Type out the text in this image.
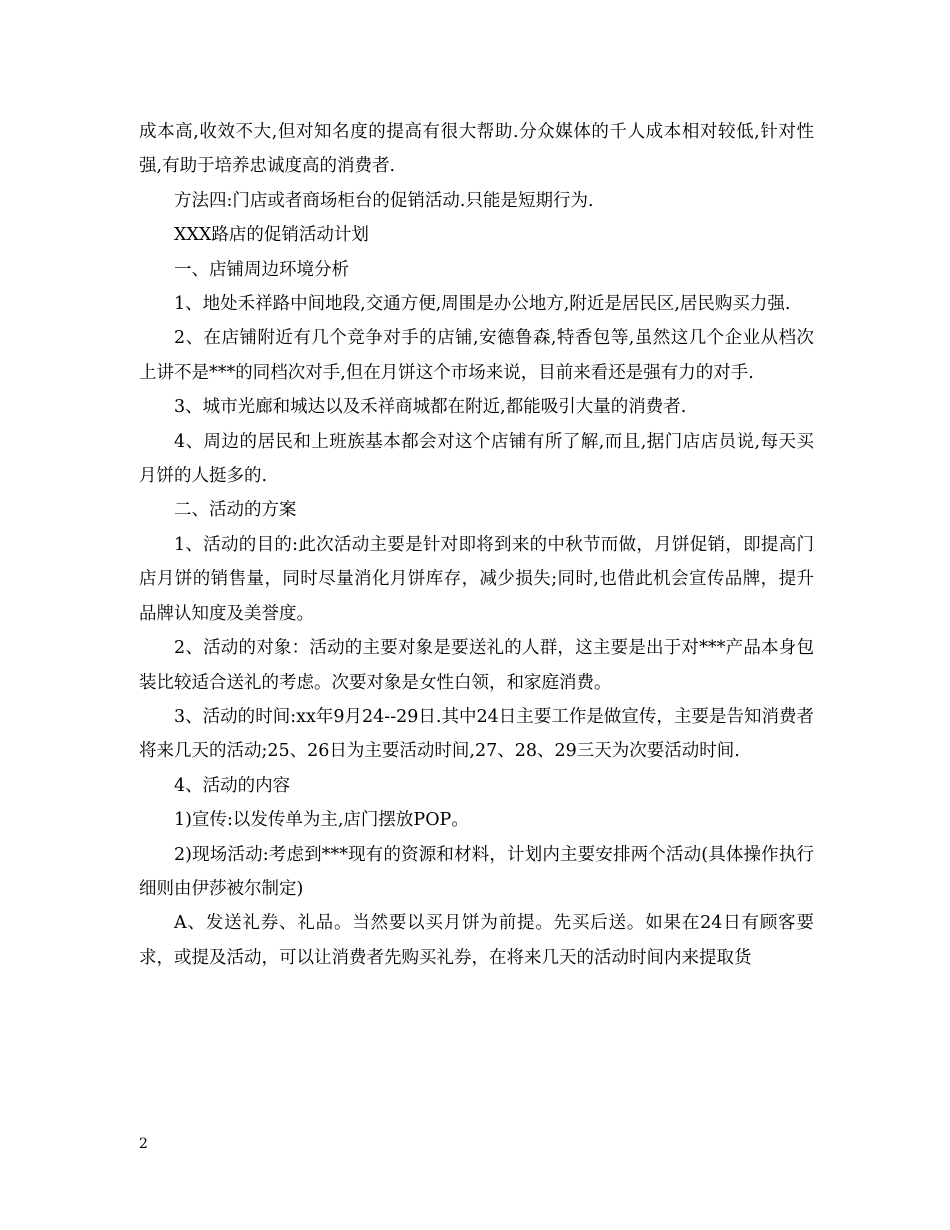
成本高,收效不大,但对知名度的提高有很大帮助.分众媒体的千人成本相对较低,针对性强,有助于培养忠诚度高的消费者.

方法四:门店或者商场柜台的促销活动.只能是短期行为.

XXX路店的促销活动计划

一、店铺周边环境分析

1、地处禾祥路中间地段,交通方便,周围是办公地方,附近是居民区,居民购买力强.

2、在店铺附近有几个竞争对手的店铺,安德鲁森,特香包等,虽然这几个企业从档次上讲不是***的同档次对手,但在月饼这个市场来说，目前来看还是强有力的对手.

3、城市光廊和城达以及禾祥商城都在附近,都能吸引大量的消费者.

4、周边的居民和上班族基本都会对这个店铺有所了解,而且,据门店店员说,每天买月饼的人挺多的.

二、活动的方案

1、活动的目的:此次活动主要是针对即将到来的中秋节而做，月饼促销，即提高门店月饼的销售量，同时尽量消化月饼库存，减少损失;同时,也借此机会宣传品牌，提升品牌认知度及美誉度。

2、活动的对象：活动的主要对象是要送礼的人群，这主要是出于对***产品本身包装比较适合送礼的考虑。次要对象是女性白领，和家庭消费。

3、活动的时间:xx年9月24--29日.其中24日主要工作是做宣传，主要是告知消费者将来几天的活动;25、26日为主要活动时间,27、28、29三天为次要活动时间.

4、活动的内容

1)宣传:以发传单为主,店门摆放POP。

2)现场活动:考虑到***现有的资源和材料，计划内主要安排两个活动(具体操作执行细则由伊莎被尔制定)

A、发送礼券、礼品。当然要以买月饼为前提。先买后送。如果在24日有顾客要求，或提及活动，可以让消费者先购买礼券，在将来几天的活动时间内来提取货

2
